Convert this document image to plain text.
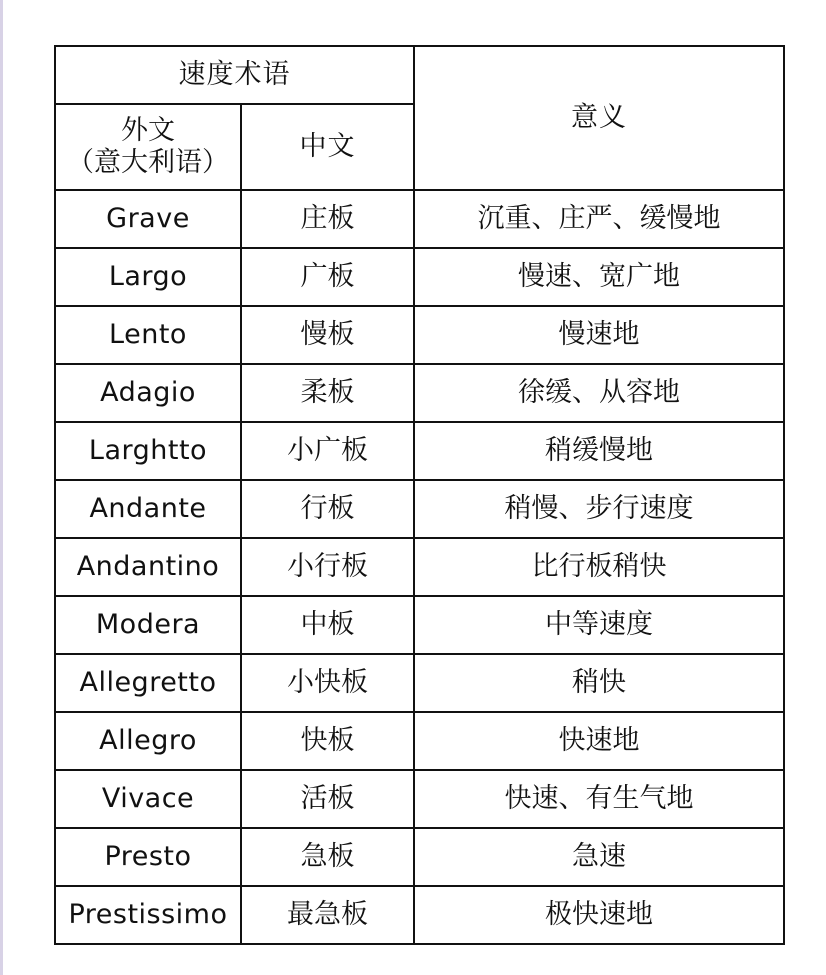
速度术语		意义

外文
（意大利语）	中文	
Grave	庄板	沉重、庄严、缓慢地
Largo	广板	慢速、宽广地
Lento	慢板	慢速地
Adagio	柔板	徐缓、从容地
Larghtto	小广板	稍缓慢地
Andante	行板	稍慢、步行速度
Andantino	小行板	比行板稍快
Modera	中板	中等速度
Allegretto	小快板	稍快
Allegro	快板	快速地
Vivace	活板	快速、有生气地
Presto	急板	急速
Prestissimo	最急板	极快速地
